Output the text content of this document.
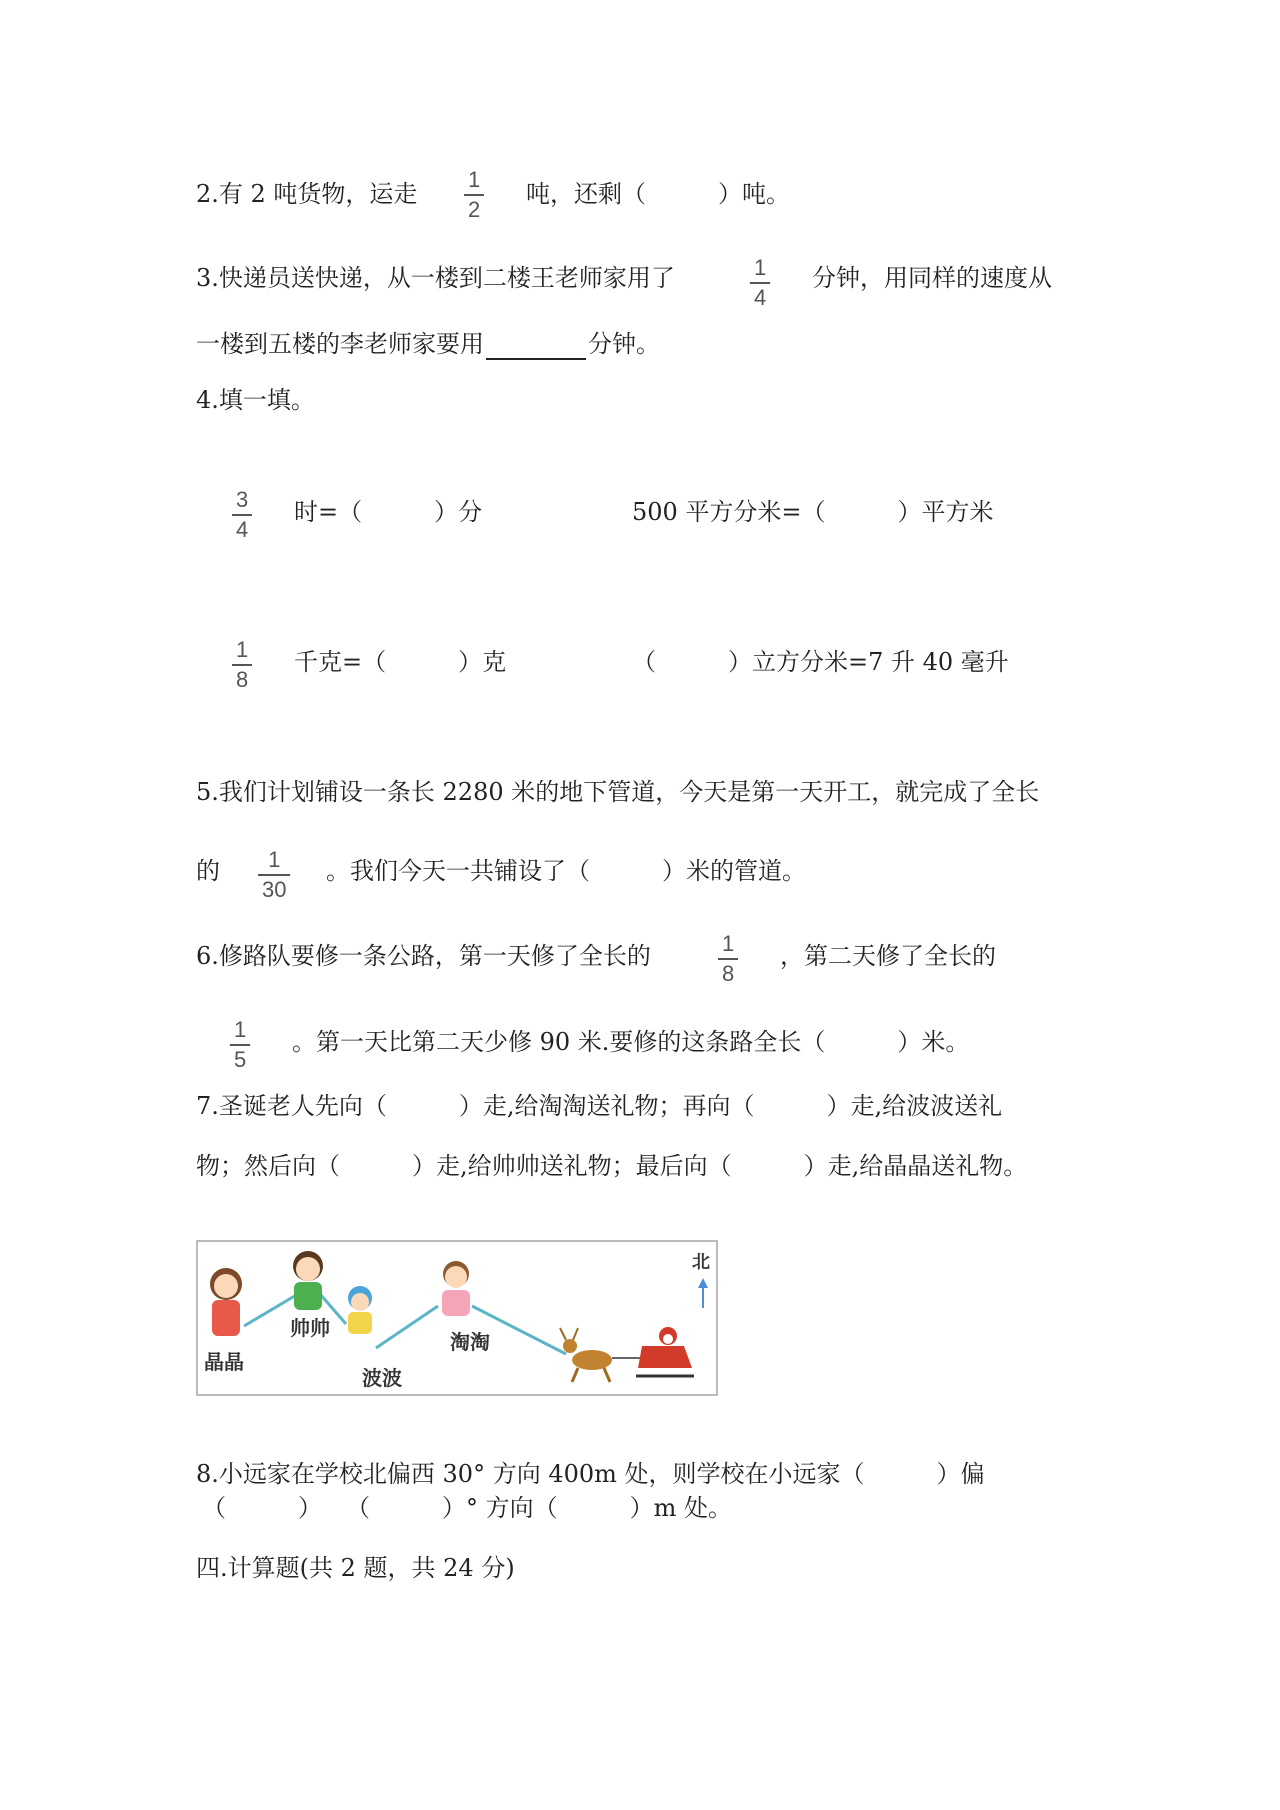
2.有 2 吨货物，运走
1
2
吨，还剩（　　　）吨。
3.快递员送快递，从一楼到二楼王老师家用了	1
4
分钟，用同样的速度从
一楼到五楼的李老师家要用	分钟。
4.填一填。
3
4
时=（　　　）分	500 平方分米=（　　　）平方米
1
8
千克=（　　　）克	（　　　）立方分米=7 升 40 毫升
5.我们计划铺设一条长 2280 米的地下管道，今天是第一天开工，就完成了全长
的 1
30
。我们今天一共铺设了（　　　）米的管道。
6.修路队要修一条公路，第一天修了全长的	1
8
，第二天修了全长的
1
5
。第一天比第二天少修 90 米.要修的这条路全长（　　　）米。
7.圣诞老人先向（　　　）走,给淘淘送礼物；再向（　　　）走,给波波送礼
物；然后向（　　　）走,给帅帅送礼物；最后向（　　　）走,给晶晶送礼物。
晶晶
帅帅
波波
淘淘
北
8.小远家在学校北偏西 30° 方向 400m 处，则学校在小远家（　　　）偏
（　　　）　　（　　　）° 方向（　　　）m 处。
四.计算题(共 2 题，共 24 分)
